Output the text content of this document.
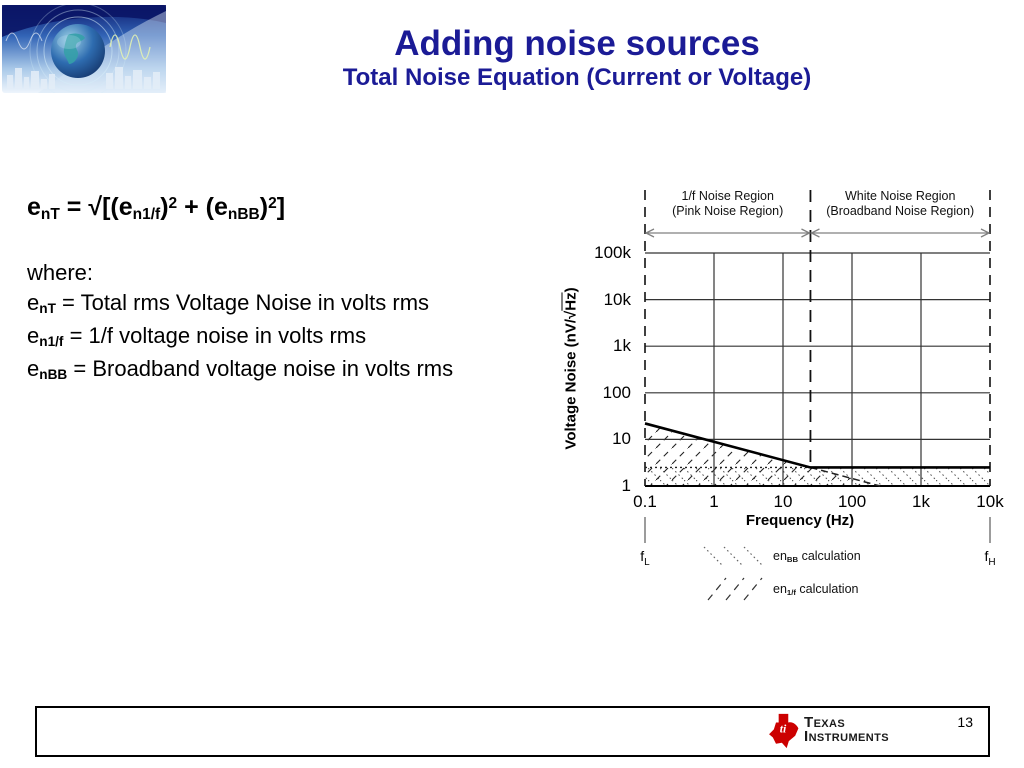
Adding noise sources
Total Noise Equation (Current or Voltage)
enT = $√[(en1/f)^2$ + (enBB)$^2$]
where:
enT = Total rms Voltage Noise in volts rms
en1/f = 1/f voltage noise in volts rms
enBB = Broadband voltage noise in volts rms
1/f Noise Region
(Pink Noise Region)
White Noise Region
(Broadband Noise Region)
0.1	1	10	100	1k	10k
1
10
100
1k
10k
100k
Voltage Noise (nV/√Hz)
Frequency (Hz)
$f_L$	$f_H$
enBB calculation
en1/f calculation
ti Texas
Instruments
13
